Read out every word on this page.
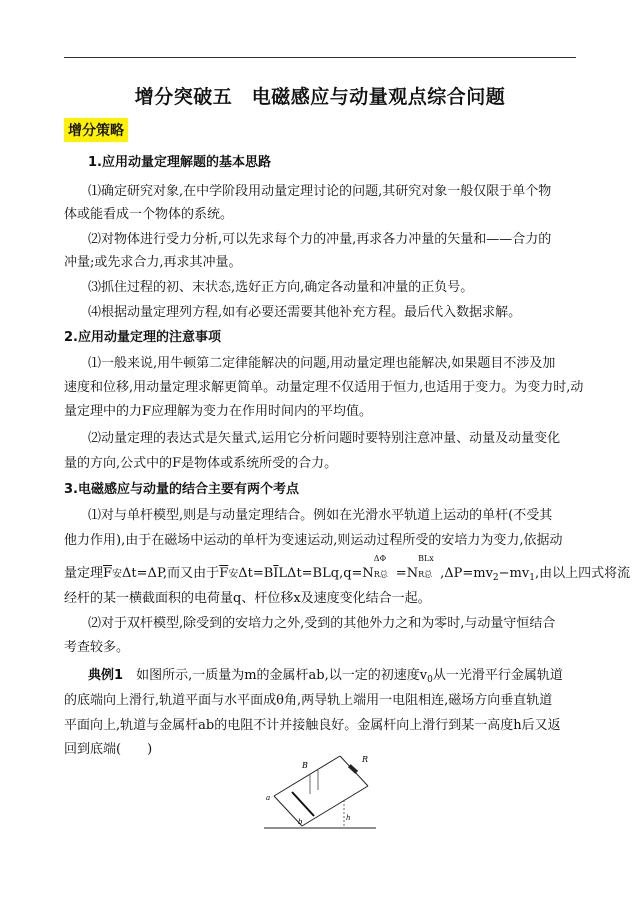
增分突破五　电磁感应与动量观点综合问题
增分策略
1.应用动量定理解题的基本思路
⑴确定研究对象,在中学阶段用动量定理讨论的问题,其研究对象一般仅限于单个物
体或能看成一个物体的系统。
⑵对物体进行受力分析,可以先求每个力的冲量,再求各力冲量的矢量和——合力的
冲量;或先求合力,再求其冲量。
⑶抓住过程的初、末状态,选好正方向,确定各动量和冲量的正负号。
⑷根据动量定理列方程,如有必要还需要其他补充方程。最后代入数据求解。
2.应用动量定理的注意事项
⑴一般来说,用牛顿第二定律能解决的问题,用动量定理也能解决,如果题目不涉及加
速度和位移,用动量定理求解更简单。动量定理不仅适用于恒力,也适用于变力。为变力时,动
量定理中的力F应理解为变力在作用时间内的平均值。
⑵动量定理的表达式是矢量式,运用它分析问题时要特别注意冲量、动量及动量变化
量的方向,公式中的F是物体或系统所受的合力。
3.电磁感应与动量的结合主要有两个考点
⑴对与单杆模型,则是与动量定理结合。例如在光滑水平轨道上运动的单杆(不受其
他力作用),由于在磁场中运动的单杆为变速运动,则运动过程所受的安培力为变力,依据动
量定理$\overline{F}$安Δt=ΔP,而又由于$\overline{F}$安$\Delta t=B\overline{I}L\Delta t=BLq,q=N$
ΔΦ
R总 =N
BLx
R总 ,ΔP=mv2−mv1,由以上四式将流
经杆的某一横截面积的电荷量q、杆位移x及速度变化结合一起。
⑵对于双杆模型,除受到的安培力之外,受到的其他外力之和为零时,与动量守恒结合
考查较多。
典例1　 如图所示,一质量为m的金属杆ab,以一定的初速度$v_0$从一光滑平行金属轨道
的底端向上滑行,轨道平面与水平面成θ角,两导轨上端用一电阻相连,磁场方向垂直轨道
平面向上,轨道与金属杆ab的电阻不计并接触良好。金属杆向上滑行到某一高度h后又返
回到底端(　　)
B
R
a
b	h
